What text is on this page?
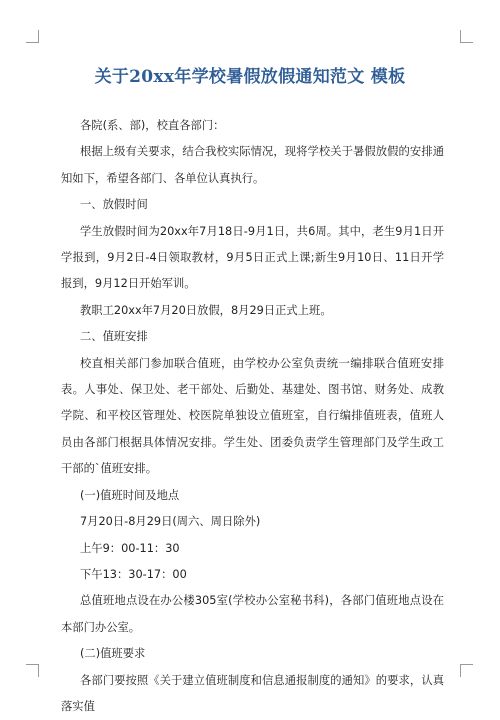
关于20xx年学校暑假放假通知范文 模板

各院(系、部)，校直各部门：

根据上级有关要求，结合我校实际情况，现将学校关于暑假放假的安排通知如下，希望各部门、各单位认真执行。

一、放假时间

学生放假时间为20xx年7月18日-9月1日，共6周。其中，老生9月1日开学报到，9月2日-4日领取教材，9月5日正式上课;新生9月10日、11日开学报到，9月12日开始军训。

教职工20xx年7月20日放假，8月29日正式上班。

二、值班安排

校直相关部门参加联合值班，由学校办公室负责统一编排联合值班安排表。人事处、保卫处、老干部处、后勤处、基建处、图书馆、财务处、成教学院、和平校区管理处、校医院单独设立值班室，自行编排值班表，值班人员由各部门根据具体情况安排。学生处、团委负责学生管理部门及学生政工干部的`值班安排。

(一)值班时间及地点

7月20日-8月29日(周六、周日除外)

上午9：00-11：30

下午13：30-17：00

总值班地点设在办公楼305室(学校办公室秘书科)，各部门值班地点设在本部门办公室。

(二)值班要求

各部门要按照《关于建立值班制度和信息通报制度的通知》的要求，认真落实值
